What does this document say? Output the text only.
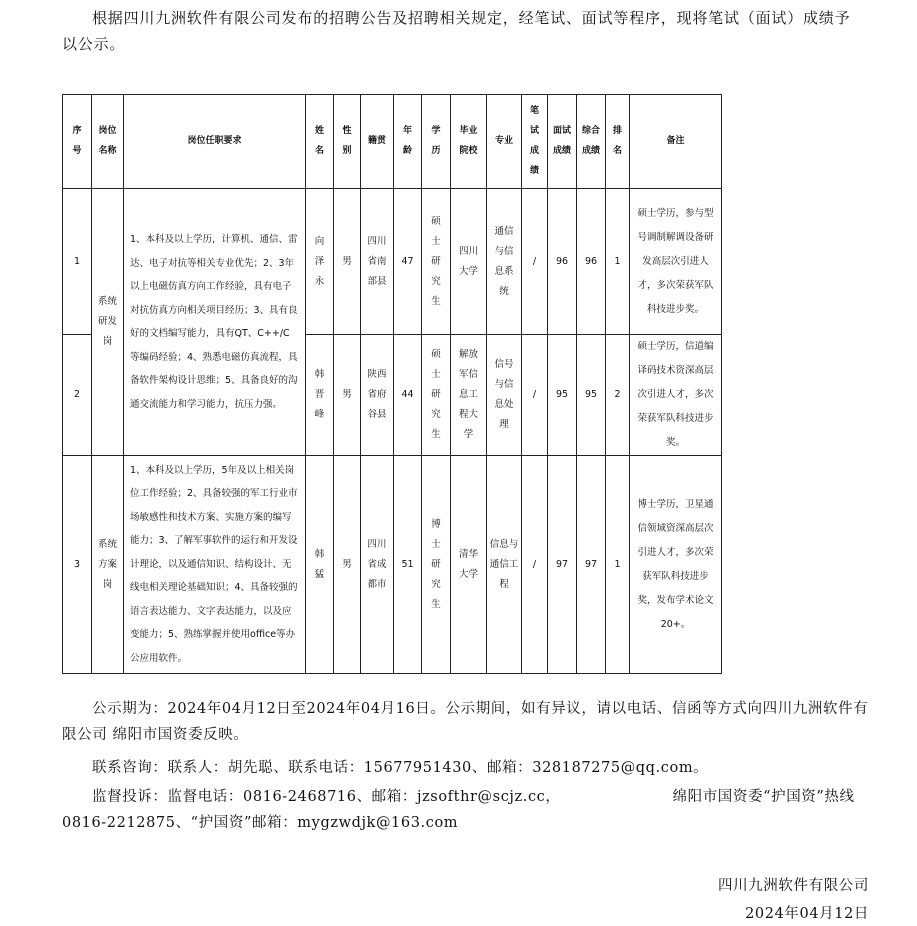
根据四川九洲软件有限公司发布的招聘公告及招聘相关规定，经笔试、面试等程序，现将笔试（面试）成绩予以公示。

序号	岗位名称	岗位任职要求	姓名	性别	籍贯	年龄	学历	毕业院校	专业	笔试成绩	面试成绩	综合成绩	排名	备注
1	系统研发岗	1、本科及以上学历，计算机、通信、雷达、电子对抗等相关专业优先；2、3年以上电磁仿真方向工作经验，具有电子对抗仿真方向相关项目经历；3、具有良好的文档编写能力，具有QT、C++/C等编码经验；4、熟悉电磁仿真流程，具备软件架构设计思维；5、具备良好的沟通交流能力和学习能力，抗压力强。	向泽永	男	四川省南部县	47	硕士研究生	四川大学	通信与信息系统	/	96	96	1	硕士学历，参与型号调制解调设备研发高层次引进人才，多次荣获军队科技进步奖。
2			韩晋峰	男	陕西省府谷县	44	硕士研究生	解放军信息工程大学	信号与信息处理	/	95	95	2	硕士学历，信道编译码技术资深高层次引进人才，多次荣获军队科技进步奖。
3	系统方案岗	1、本科及以上学历，5年及以上相关岗位工作经验；2、具备较强的军工行业市场敏感性和技术方案、实施方案的编写能力；3、了解军事软件的运行和开发设计理论，以及通信知识、结构设计、无线电相关理论基础知识；4、具备较强的语言表达能力、文字表达能力，以及应变能力；5、熟练掌握并使用office等办公应用软件。	韩猛	男	四川省成都市	51	博士研究生	清华大学	信息与通信工程	/	97	97	1	博士学历，卫星通信领域资深高层次引进人才，多次荣获军队科技进步奖，发布学术论文20+。

公示期为：2024年04月12日至2024年04月16日。公示期间，如有异议，请以电话、信函等方式向四川九洲软件有限公司 绵阳市国资委反映。

联系咨询：联系人：胡先聪、联系电话：15677951430、邮箱：328187275@qq.com。

监督投诉：监督电话：0816-2468716、邮箱：jzsofthr@scjz.cc，	绵阳市国资委“护国资”热线0816-2212875、“护国资”邮箱：mygzwdjk@163.com

四川九洲软件有限公司
2024年04月12日
